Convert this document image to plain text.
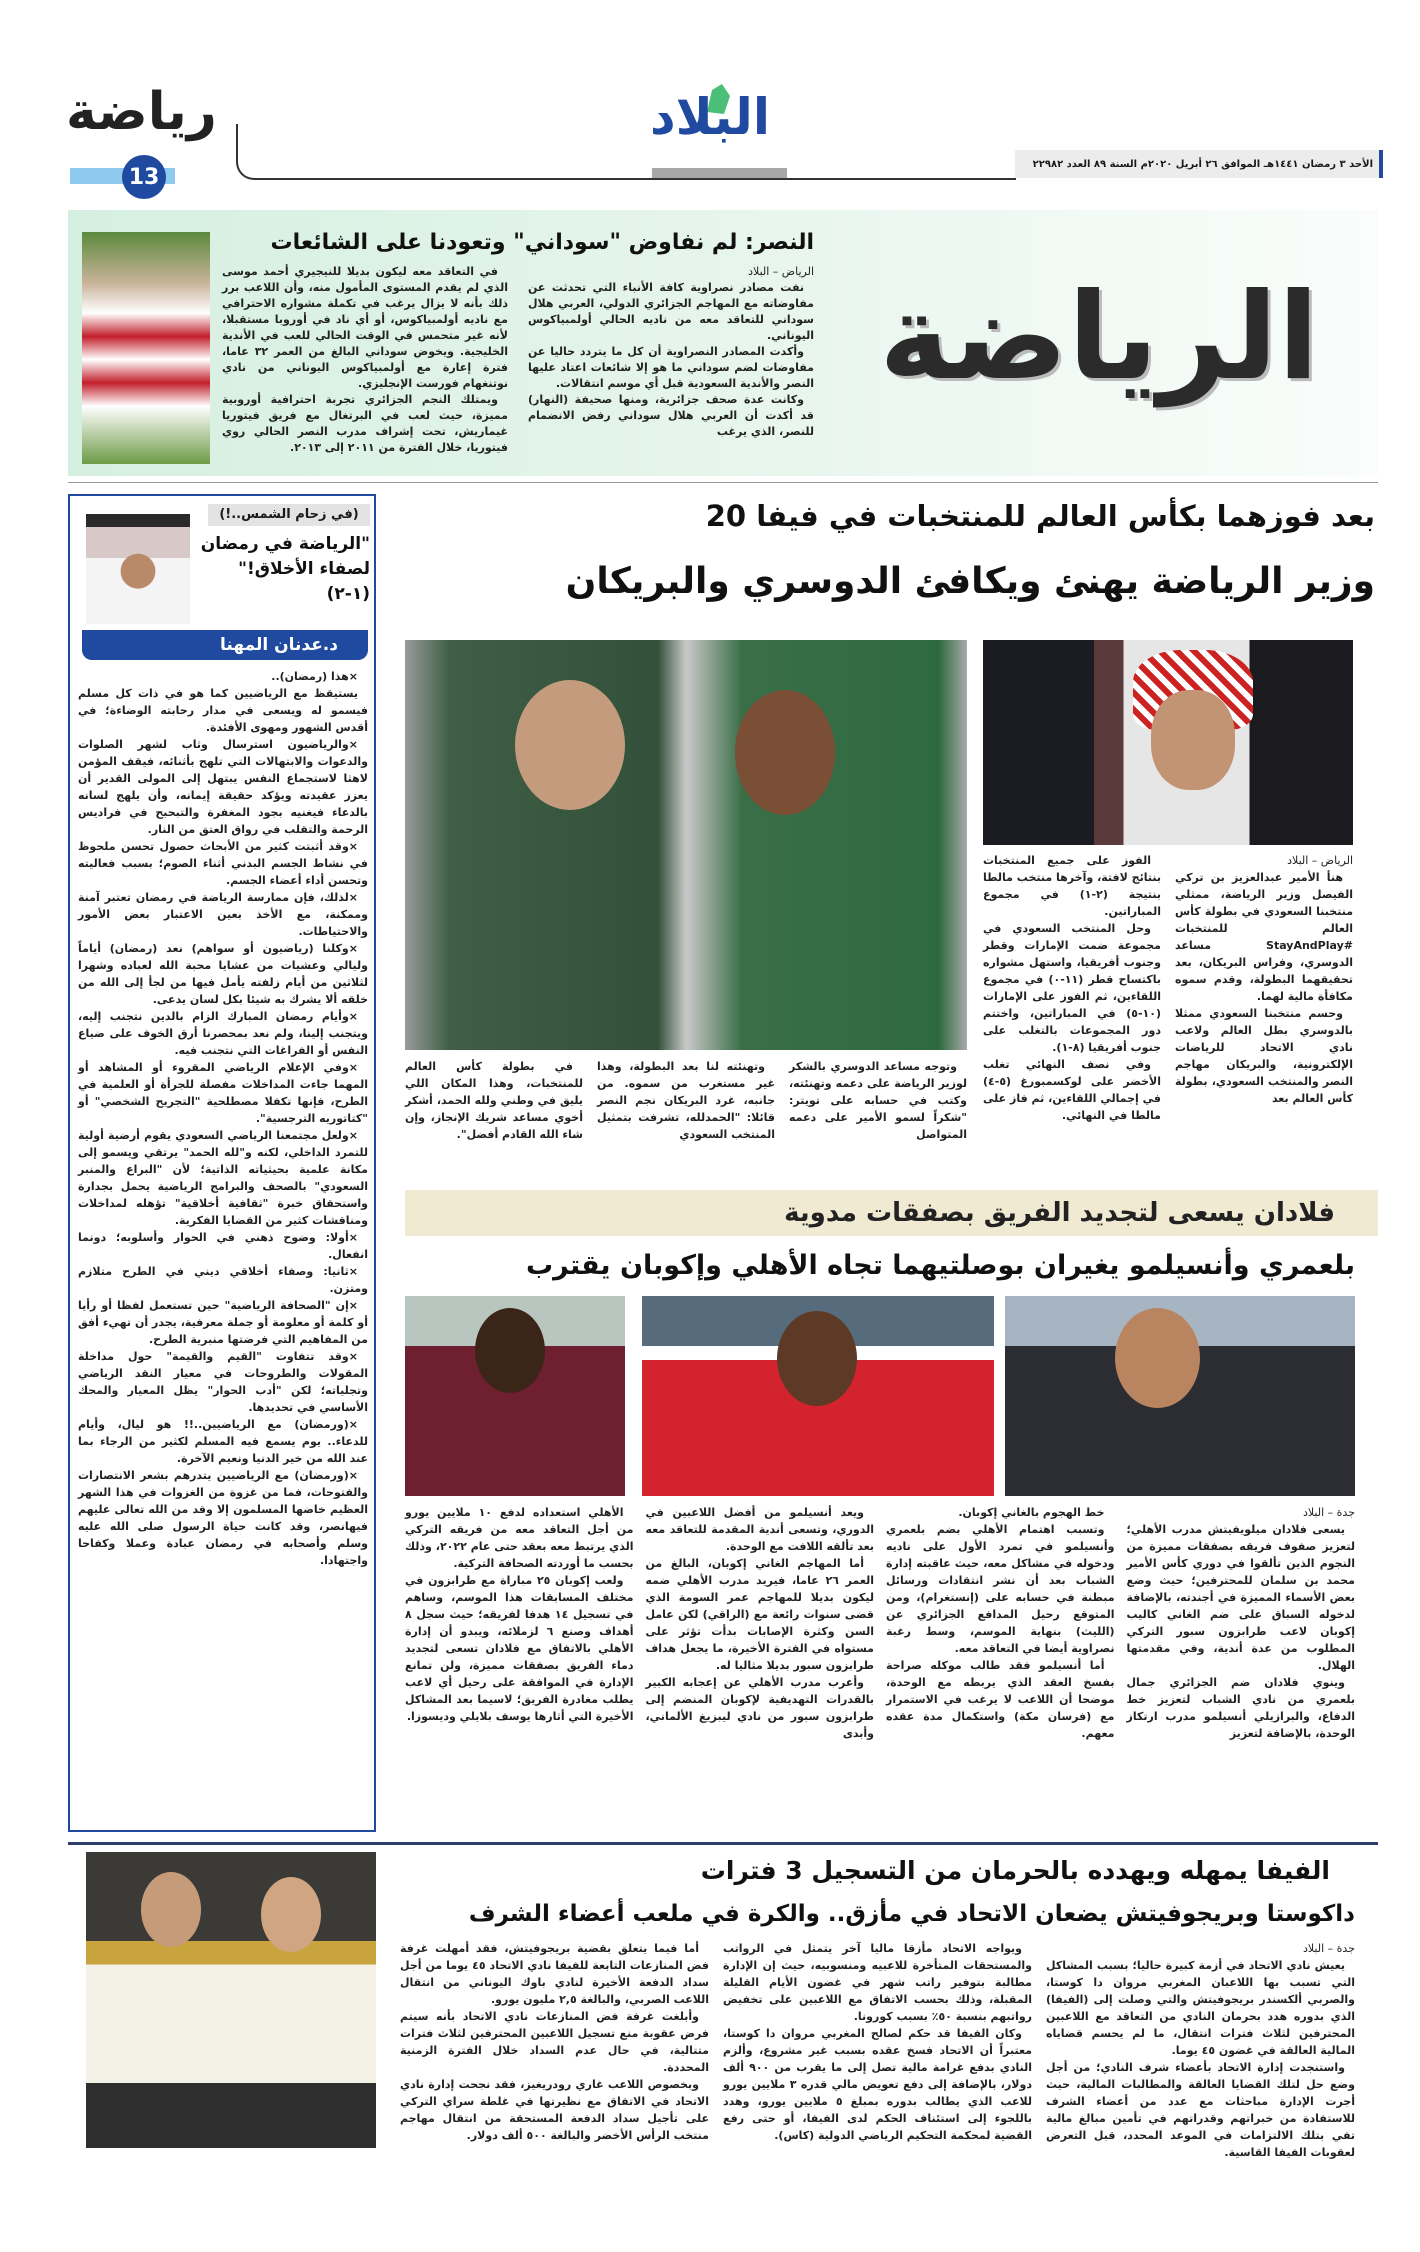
رياضة
13
البلاد
الأحد ٣ رمضان ١٤٤١هـ الموافق ٢٦ أبريل ٢٠٢٠م السنة ٨٩ العدد ٢٢٩٨٢
الرياضة
النصر: لم نفاوض "سوداني" وتعودنا على الشائعات
الرياض – البلاد

نفت مصادر نصراوية كافة الأنباء التي تحدثت عن مفاوضاته مع المهاجم الجزائري الدولي، العربي هلال سوداني للتعاقد معه من ناديه الحالي أولمبياكوس اليوناني.

وأكدت المصادر النصراوية أن كل ما يتردد حاليا عن مفاوضات لضم سوداني ما هو إلا شائعات اعتاد عليها النصر والأندية السعودية قبل أي موسم انتقالات.

وكانت عدة صحف جزائرية، ومنها صحيفة (النهار) قد أكدت أن العربي هلال سوداني رفض الانضمام للنصر، الذي يرغب

في التعاقد معه ليكون بديلا للنيجيري أحمد موسى الذي لم يقدم المستوى المأمول منه، وأن اللاعب برر ذلك بأنه لا يزال يرغب في تكملة مشواره الاحترافي مع ناديه أولمبياكوس، أو أي ناد في أوروبا مستقبلا، لأنه غير متحمس في الوقت الحالي للعب في الأندية الخليجية. ويخوض سوداني البالغ من العمر ٣٢ عاما، فترة إعارة مع أولمبياكوس اليوناني من نادي نوتنغهام فورست الإنجليزي.

ويمتلك النجم الجزائري تجربة احترافية أوروبية مميزة، حيث لعب في البرتغال مع فريق فيتوريا غيماريش، تحت إشراف مدرب النصر الحالي روي فيتوريا، خلال الفترة من ٢٠١١ إلى ٢٠١٣.

(في زحام الشمس..!)
"الرياضة في رمضان لصفاء الأخلاق!" (١-٢)
د.عدنان المهنا

×هذا (رمضان)..

يستيقظ مع الرياضيين كما هو في ذات كل مسلم فيسمو له ويسعى في مدار رحابته الوضاءة؛ في أقدس الشهور ومهوى الأفئدة.

×والرياضيون استرسال وثاب لشهر الصلوات والدعوات والابتهالات التي تلهج بأثنائه، فيقف المؤمن لاهثا لاستجماع النفس يبتهل إلى المولى القدير أن يعزز عقيدته ويؤكد حقيقة إيمانه، وأن يلهج لسانه بالدعاء فيغنيه بجود المغفرة والتبحبح في فراديس الرحمة والتقلب في رواق العتق من النار.

×وقد أثبتت كثير من الأبحاث حصول تحسن ملحوظ في نشاط الجسم البدني أثناء الصوم؛ بسبب فعاليته وتحسن أداء أعضاء الجسم.

×لذلك، فإن ممارسة الرياضة في رمضان تعتبر آمنة وممكنة، مع الأخذ بعين الاعتبار بعض الأمور والاحتياطات.

×وكلنا (رياضيون أو سواهم) نعد (رمضان) أياماً وليالي وعشيات من عشايا محبة الله لعباده وشهرا لثلاثين من أيام زلفته يأمل فيها من لجأ إلى الله من خلقه ألا يشرك به شيئا بكل لسان يدعى.

×وأيام رمضان المبارك الزام بالدين نتجنب إليه، ويتجنب إلينا، ولم نعد بمحصرنا أرق الخوف على ضياع النفس أو الفراغات التي نتجنب فيه.

×وفي الإعلام الرياضي المقروء أو المشاهد أو المهما جاءت المداخلات مفصلة للجرأة أو العلمية في الطرح، فإنها تكفلا مصطلحية "التجريح الشخصي" أو "كتاتوريه الترجسية".

×ولعل مجتمعنا الرياضي السعودي يقوم أرضية أولية للتمرد الداخلي، لكنه و"لله الحمد" يرتقي ويسمو إلى مكانة علمية بحيثياته الذاتية؛ لأن "البراع والمنبر السعودي" بالصحف والبرامج الرياضية يحمل بجدارة واستحقاق خبرة "ثقافية أخلاقية" تؤهله لمداخلات ومناقشات كثير من القضايا الفكرية.

×أولا: وضوح ذهني في الحوار وأسلوبه؛ دونما انفعال.

×ثانيا: وصفاء أخلاقي ديني في الطرح متلازم ومتزن.

×إن "الصحافة الرياضية" حين تستعمل لفظا أو رأيا أو كلمة أو معلومة أو جملة معرفية، يجدر أن تهيء أفق من المفاهيم التي فرضتها منبرية الطرح.

×وقد تتفاوت "القيم والقيمة" حول مداخلة المقولات والطروحات في معيار النقد الرياضي وتجلياته؛ لكن "أدب الحوار" يظل المعيار والمحك الأساسي في تحديدها.

×(ورمضان) مع الرياضيين..!! هو ليال، وأيام للدعاء.. يوم يسمع فيه المسلم لكثير من الرجاء بما عند الله من خير الدنيا ونعيم الآخرة.

×(ورمضان) مع الرياضيين يتدرهم بشعر الانتصارات والفتوحات، فما من غزوة من الغزوات في هذا الشهر العظيم خاضها المسلمون إلا وقد من الله تعالى عليهم فيهانصر، وقد كانت حياة الرسول صلى الله عليه وسلم وأصحابه في رمضان عبادة وعملا وكفاحا واجتهادا.

بعد فوزهما بكأس العالم للمنتخبات في فيفا 20
وزير الرياضة يهنئ ويكافئ الدوسري والبريكان
الرياض – البلاد

هنأ الأمير عبدالعزيز بن تركي الفيصل وزير الرياضة، ممثلي منتخبنا السعودي في بطولة كأس العالم للمنتخبات #StayAndPlay مساعد الدوسري، وفراس البريكان، بعد تحقيقهما البطولة، وقدم سموه مكافأة مالية لهما.

وحسم منتخبنا السعودي ممثلا بالدوسري بطل العالم ولاعب نادي الاتحاد للرياضات الإلكترونية، والبريكان مهاجم النصر والمنتخب السعودي، بطولة كأس العالم بعد

الفوز على جميع المنتخبات بنتائج لافتة، وآخرها منتخب مالطا بنتيجة (٢-١) في مجموع المباراتين.

وحل المنتخب السعودي في مجموعة ضمت الإمارات وقطر وجنوب أفريقيا، واستهل مشواره باكتساح قطر (١١-٠) في مجموع اللقاءين، ثم الفوز على الإمارات (١٠-٥) في المباراتين، واختتم دور المجموعات بالتغلب على جنوب أفريقيا (٨-١).

وفي نصف النهائي تغلب الأخضر على لوكسمبورغ (٥-٤) في إجمالي اللقاءين، ثم فاز على مالطا في النهائي.

وتوجه مساعد الدوسري بالشكر لوزير الرياضة على دعمه وتهنئته، وكتب في حسابه على تويتر: "شكراً لسمو الأمير على دعمه المتواصل

وتهنئته لنا بعد البطولة، وهذا غير مستغرب من سموه. من جانبه، غرد البريكان نجم النصر قائلا: "الحمدلله، تشرفت بتمثيل المنتخب السعودي

في بطولة كأس العالم للمنتخبات، وهذا المكان اللي يليق في وطني ولله الحمد، أشكر أخوي مساعد شريك الإنجاز، وإن شاء الله القادم أفضل".

فلادان يسعى لتجديد الفريق بصفقات مدوية
بلعمري وأنسيلمو يغيران بوصلتيهما تجاه الأهلي وإكوبان يقترب
جدة – البلاد

يسعى فلادان ميلويفيتش مدرب الأهلي؛ لتعزيز صفوف فريقه بصفقات مميزة من النجوم الذين تألقوا في دوري كأس الأمير محمد بن سلمان للمحترفين؛ حيث وضع بعض الأسماء المميزة في أجندته، بالإضافة لدخوله السباق على ضم الغاني كاليب إكوبان لاعب طرابزون سبور التركي المطلوب من عدة أندية، وفي مقدمتها الهلال.

وينوي فلادان ضم الجزائري جمال بلعمري من نادي الشباب لتعزيز خط الدفاع، والبرازيلي أنسيلمو مدرب ارتكاز الوحدة، بالإضافة لتعزيز

خط الهجوم بالغاني إكوبان.

وتسبب اهتمام الأهلي بضم بلعمري وأنسيلمو في تمرد الأول على ناديه ودخوله في مشاكل معه، حيث عاقبته إدارة الشباب بعد أن نشر انتقادات ورسائل مبطنة في حسابه على (إنستغرام)، ومن المتوقع رحيل المدافع الجزائري عن (الليث) بنهاية الموسم، وسط رغبة نصراوية أيضا في التعاقد معه.

أما أنسيلمو فقد طالب موكله صراحة بفسخ العقد الذي يربطه مع الوحدة، موضحا أن اللاعب لا يرغب في الاستمرار مع (فرسان مكة) واستكمال مدة عقده معهم.

ويعد أنسيلمو من أفضل اللاعبين في الدوري، وتسعى أندية المقدمة للتعاقد معه بعد تألقه اللافت مع الوحدة.

أما المهاجم الغاني إكوبان، البالغ من العمر ٢٦ عاما، فيريد مدرب الأهلي ضمه ليكون بديلا للمهاجم عمر السومة الذي قضى سنوات رائعة مع (الراقي) لكن عامل السن وكثرة الإصابات بدأت تؤثر على مستواه في الفترة الأخيرة، ما يجعل هداف طرابزون سبور بديلا مثاليا له.

وأعرب مدرب الأهلي عن إعجابه الكبير بالقدرات التهديفية لإكوبان المنضم إلى طرابزون سبور من نادي ليبزيغ الألماني، وأبدى

الأهلي استعداده لدفع ١٠ ملايين يورو من أجل التعاقد معه من فريقه التركي الذي يرتبط معه بعقد حتى عام ٢٠٢٢، وذلك بحسب ما أوردته الصحافة التركية.

ولعب إكوبان ٢٥ مباراة مع طرابزون في مختلف المسابقات هذا الموسم، وساهم في تسجيل ١٤ هدفا لفريقه؛ حيث سجل ٨ أهداف وصنع ٦ لزملائه، ويبدو أن إدارة الأهلي بالاتفاق مع فلادان تسعى لتجديد دماء الفريق بصفقات مميزة، ولن تمانع الإدارة في الموافقة على رحيل أي لاعب يطلب مغادرة الفريق؛ لاسيما بعد المشاكل الأخيرة التي أثارها يوسف بلايلي وديسوزا.

الفيفا يمهله ويهدده بالحرمان من التسجيل 3 فترات
داكوستا وبريجوفيتش يضعان الاتحاد في مأزق.. والكرة في ملعب أعضاء الشرف
جدة – البلاد

يعيش نادي الاتحاد في أزمة كبيرة حاليا؛ بسبب المشاكل التي تسبب بها اللاعبان المغربي مروان دا كوستا، والصربي ألكسندر بريجوفيتش والتي وصلت إلى (الفيفا) الذي بدوره هدد بحرمان النادي من التعاقد مع اللاعبين المحترفين لثلاث فترات انتقال، ما لم يحسم قضاياه المالية العالقة في غضون ٤٥ يوما.

واستنجدت إدارة الاتحاد بأعضاء شرف النادي؛ من أجل وضع حل لتلك القضايا العالقة والمطالبات المالية، حيث أجرت الإدارة مباحثات مع عدد من أعضاء الشرف للاستفادة من خبراتهم وقدراتهم في تأمين مبالغ مالية تفي بتلك الالتزامات في الموعد المحدد، قبل التعرض لعقوبات الفيفا القاسية.

ويواجه الاتحاد مأزقا ماليا آخر يتمثل في الرواتب والمستحقات المتأخرة للاعبيه ومنسوبيه، حيث إن الإدارة مطالبة بتوفير راتب شهر في غضون الأيام القليلة المقبلة، وذلك بحسب الاتفاق مع اللاعبين على تخفيض رواتبهم بنسبة ٥٠٪ بسبب كورونا.

وكان الفيفا قد حكم لصالح المغربي مروان دا كوستا، معتبراً أن الاتحاد فسخ عقده بسبب غير مشروع، وألزم النادي بدفع غرامة مالية تصل إلى ما يقرب من ٩٠٠ ألف دولار، بالإضافة إلى دفع تعويض مالي قدره ٣ ملايين يورو للاعب الذي يطالب بدوره بمبلغ ٥ ملايين يورو، وهدد باللجوء إلى استئناف الحكم لدى الفيفا، أو حتى رفع القضية لمحكمة التحكيم الرياضي الدولية (كاس).

أما فيما يتعلق بقضية بريجوفيتش، فقد أمهلت غرفة فض المنازعات التابعة للفيفا نادي الاتحاد ٤٥ يوما من أجل سداد الدفعة الأخيرة لنادي باوك اليوناني من انتقال اللاعب الصربي، والبالغة ٢,٥ مليون يورو.

وأبلغت غرفة فض المنازعات نادي الاتحاد بأنه سيتم فرض عقوبة منع تسجيل اللاعبين المحترفين لثلاث فترات متتالية، في حال عدم السداد خلال الفترة الزمنية المحددة.

وبخصوص اللاعب غاري رودريغيز، فقد نجحت إدارة نادي الاتحاد في الاتفاق مع نظيرتها في غلطة سراي التركي على تأجيل سداد الدفعة المستحقة من انتقال مهاجم منتخب الرأس الأخضر والبالغة ٥٠٠ ألف دولار.
